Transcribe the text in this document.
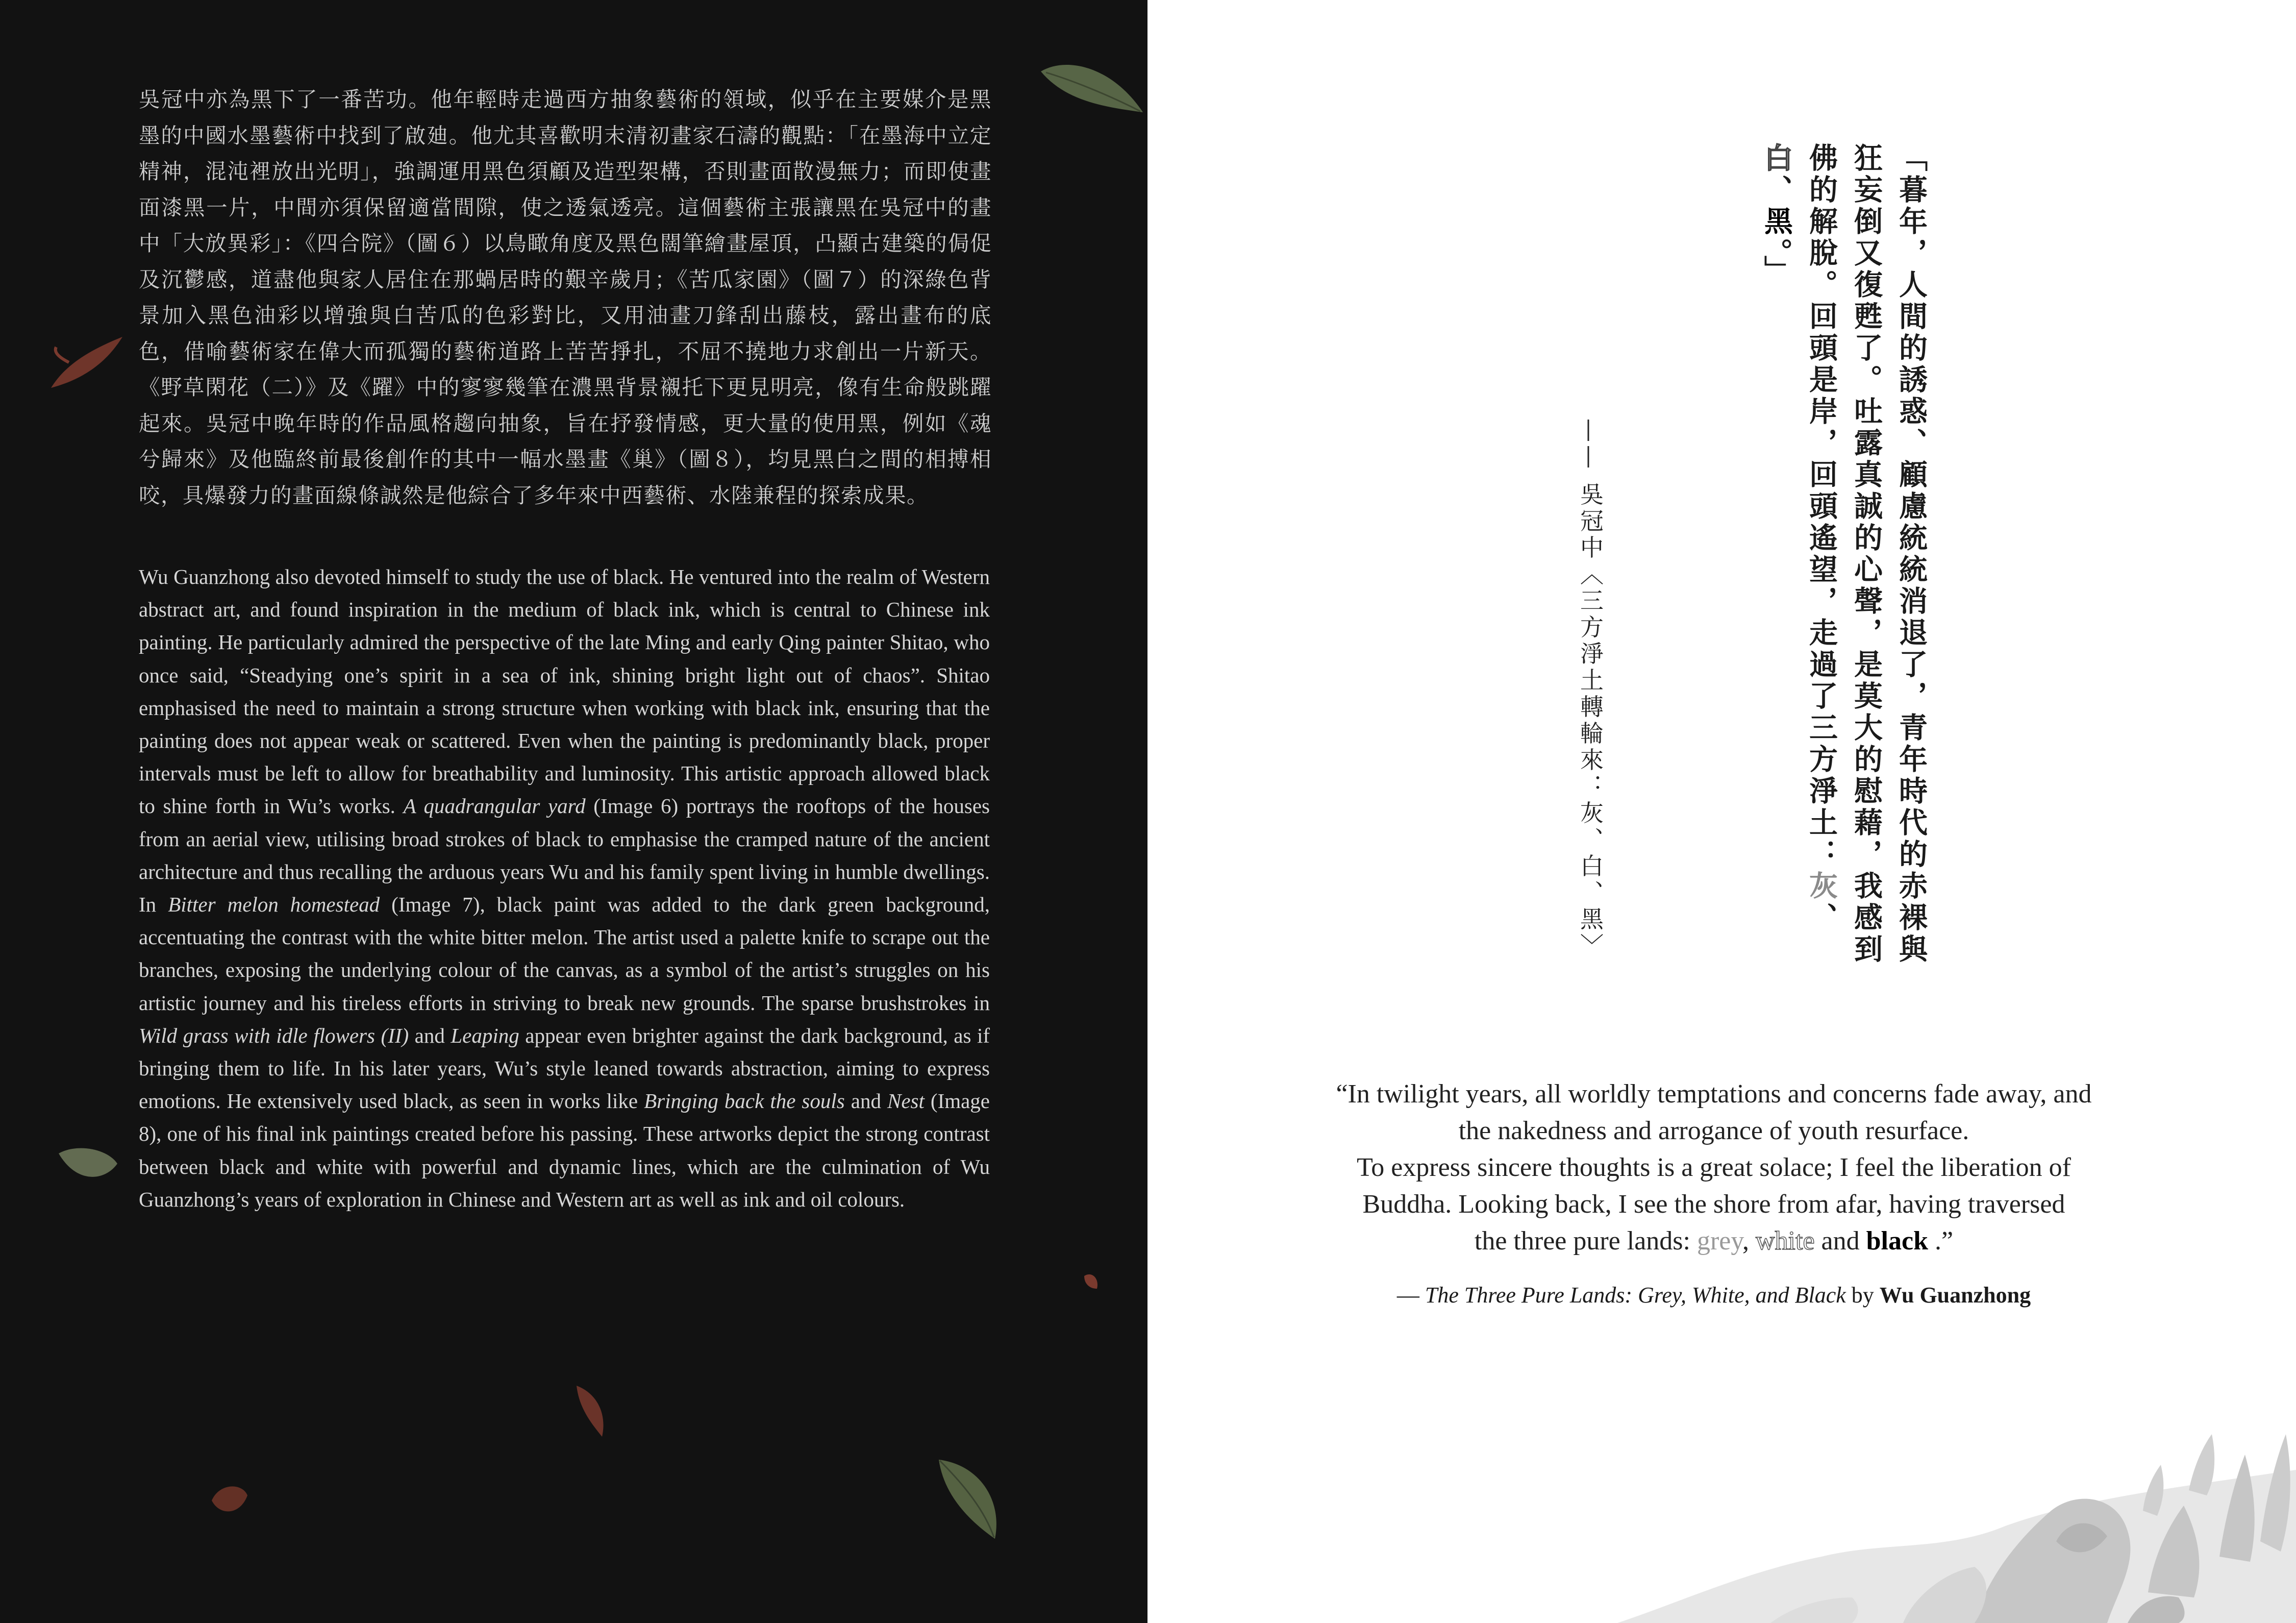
吳冠中亦為黑下了一番苦功。他年輕時走過西方抽象藝術的領域，似乎在主要媒介是黑墨的中國水墨藝術中找到了啟廸。他尤其喜歡明末清初畫家石濤的觀點：「在墨海中立定精神，混沌裡放出光明」，強調運用黑色須顧及造型架構，否則畫面散漫無力；而即使畫面漆黑一片，中間亦須保留適當間隙，使之透氣透亮。這個藝術主張讓黑在吳冠中的畫中「大放異彩」：《四合院》（圖６）以鳥瞰角度及黑色闊筆繪畫屋頂，凸顯古建築的侷促及沉鬱感，道盡他與家人居住在那蝸居時的艱辛歲月；《苦瓜家園》（圖７）的深綠色背景加入黑色油彩以增強與白苦瓜的色彩對比，又用油畫刀鋒刮出藤枝，露出畫布的底色，借喻藝術家在偉大而孤獨的藝術道路上苦苦掙扎，不屈不撓地力求創出一片新天。《野草閑花（二）》及《躍》中的寥寥幾筆在濃黑背景襯托下更見明亮，像有生命般跳躍起來。吳冠中晚年時的作品風格趨向抽象，旨在抒發情感，更大量的使用黑，例如《魂兮歸來》及他臨終前最後創作的其中一幅水墨畫《巢》（圖８），均見黑白之間的相搏相咬，具爆發力的畫面線條誠然是他綜合了多年來中西藝術、水陸兼程的探索成果。

Wu Guanzhong also devoted himself to study the use of black. He ventured into the realm of Western abstract art, and found inspiration in the medium of black ink, which is central to Chinese ink painting. He particularly admired the perspective of the late Ming and early Qing painter Shitao, who once said, “Steadying one’s spirit in a sea of ink, shining bright light out of chaos”. Shitao emphasised the need to maintain a strong structure when working with black ink, ensuring that the painting does not appear weak or scattered. Even when the painting is predominantly black, proper intervals must be left to allow for breathability and luminosity. This artistic approach allowed black to shine forth in Wu’s works. A quadrangular yard (Image 6) portrays the rooftops of the houses from an aerial view, utilising broad strokes of black to emphasise the cramped nature of the ancient architecture and thus recalling the arduous years Wu and his family spent living in humble dwellings. In Bitter melon homestead (Image 7), black paint was added to the dark green background, accentuating the contrast with the white bitter melon. The artist used a palette knife to scrape out the branches, exposing the underlying colour of the canvas, as a symbol of the artist’s struggles on his artistic journey and his tireless efforts in striving to break new grounds. The sparse brushstrokes in Wild grass with idle flowers (II) and Leaping appear even brighter against the dark background, as if bringing them to life. In his later years, Wu’s style leaned towards abstraction, aiming to express emotions. He extensively used black, as seen in works like Bringing back the souls and Nest (Image 8), one of his final ink paintings created before his passing. These artworks depict the strong contrast between black and white with powerful and dynamic lines, which are the culmination of Wu Guanzhong’s years of exploration in Chinese and Western art as well as ink and oil colours.

「暮年，人間的誘惑、顧慮統統消退了，青年時代的赤裸與狂妄倒又復甦了。吐露真誠的心聲，是莫大的慰藉，我感到佛的解脫。回頭是岸，回頭遙望，走過了三方淨土：灰、白、黑。」

—— 吳冠中〈三方淨土轉輪來：灰、白、黑〉

“In twilight years, all worldly temptations and concerns fade away, and
the nakedness and arrogance of youth resurface.
To express sincere thoughts is a great solace; I feel the liberation of
Buddha. Looking back, I see the shore from afar, having traversed
the three pure lands: grey, white and black .”

— The Three Pure Lands: Grey, White, and Black by Wu Guanzhong
